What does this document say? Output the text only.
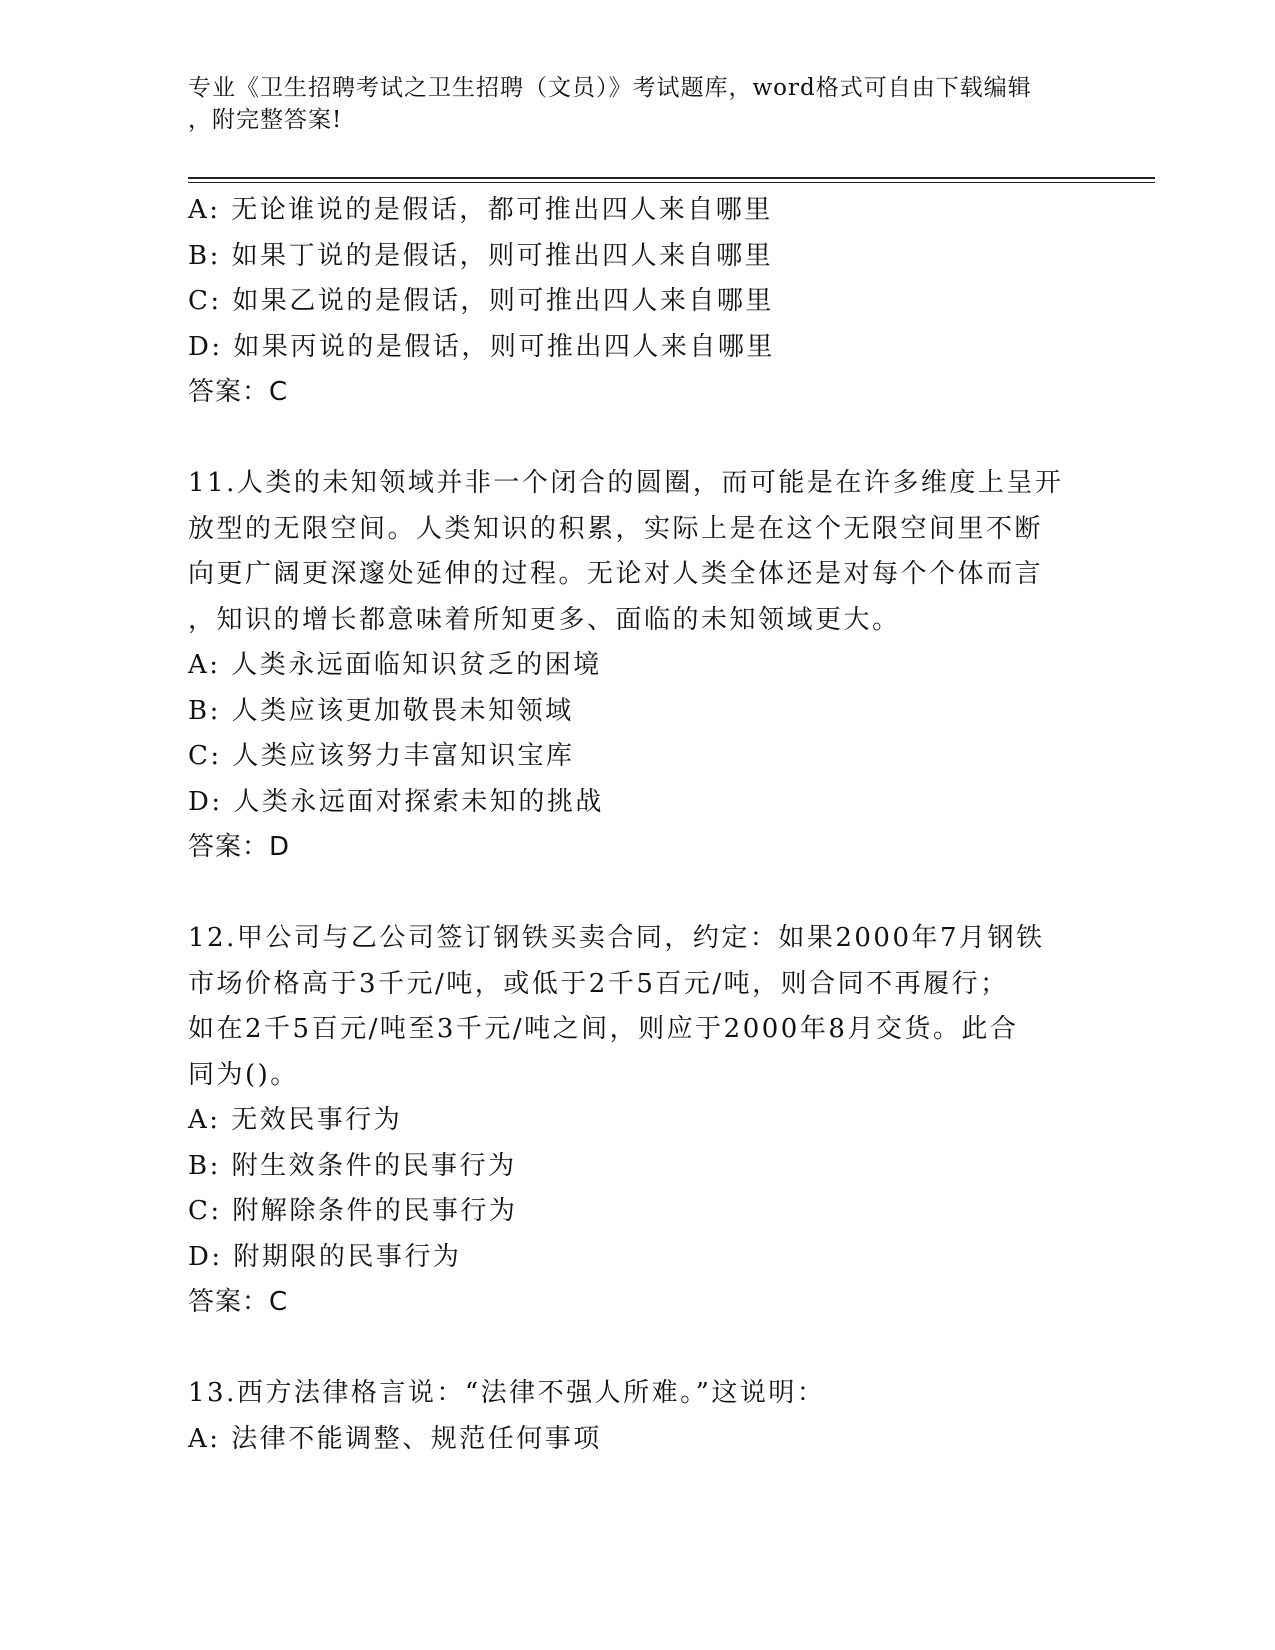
专业《卫生招聘考试之卫生招聘（文员）》考试题库，word格式可自由下载编辑
，附完整答案!
A: 无论谁说的是假话，都可推出四人来自哪里
B: 如果丁说的是假话，则可推出四人来自哪里
C: 如果乙说的是假话，则可推出四人来自哪里
D: 如果丙说的是假话，则可推出四人来自哪里
答案：C
11.人类的未知领域并非一个闭合的圆圈，而可能是在许多维度上呈开
放型的无限空间。人类知识的积累，实际上是在这个无限空间里不断
向更广阔更深邃处延伸的过程。无论对人类全体还是对每个个体而言
，知识的增长都意味着所知更多、面临的未知领域更大。
A: 人类永远面临知识贫乏的困境
B: 人类应该更加敬畏未知领域
C: 人类应该努力丰富知识宝库
D: 人类永远面对探索未知的挑战
答案：D
12.甲公司与乙公司签订钢铁买卖合同，约定：如果2000年7月钢铁
市场价格高于3千元/吨，或低于2千5百元/吨，则合同不再履行；
如在2千5百元/吨至3千元/吨之间，则应于2000年8月交货。此合
同为()。
A: 无效民事行为
B: 附生效条件的民事行为
C: 附解除条件的民事行为
D: 附期限的民事行为
答案：C
13.西方法律格言说：“法律不强人所难。”这说明：
A: 法律不能调整、规范任何事项
